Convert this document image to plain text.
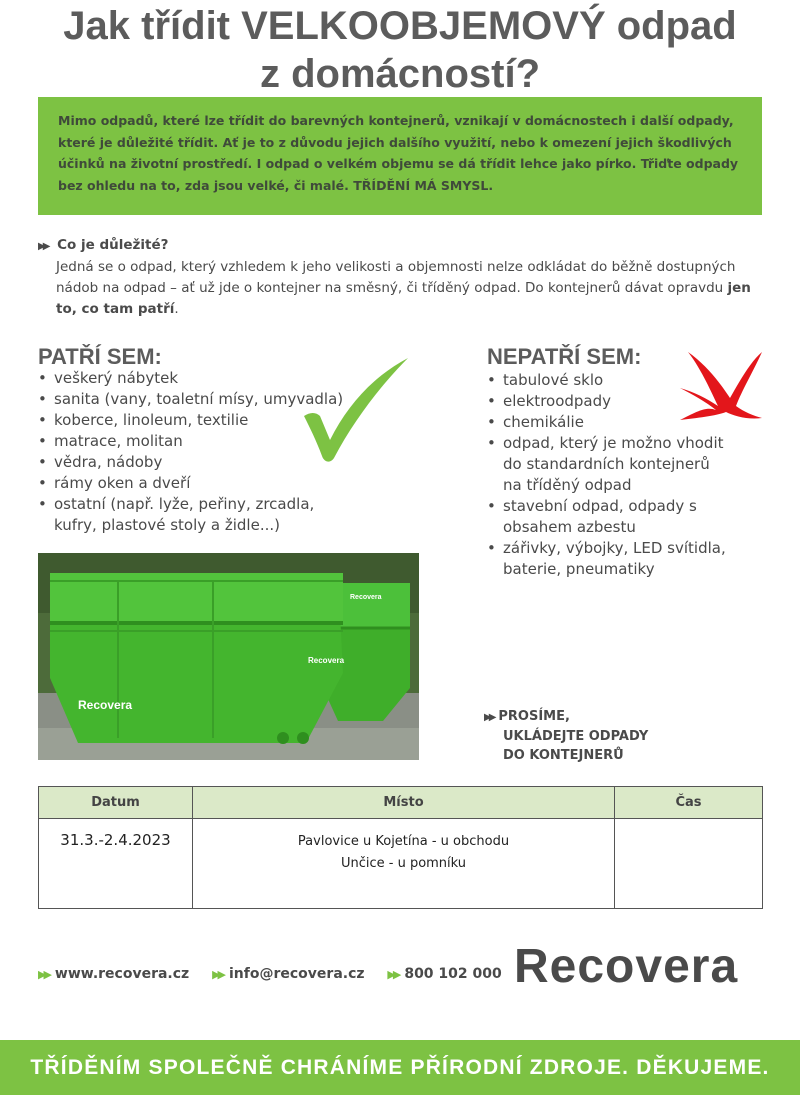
Jak třídit VELKOOBJEMOVÝ odpad
z domácností?
Mimo odpadů, které lze třídit do barevných kontejnerů, vznikají v domácnostech i další odpady, které je důležité třídit. Ať je to z důvodu jejich dalšího využití, nebo k omezení jejich škodlivých účinků na životní prostředí. I odpad o velkém objemu se dá třídit lehce jako pírko. Třiďte odpady bez ohledu na to, zda jsou velké, či malé. TŘÍDĚNÍ MÁ SMYSL.
▶▶ Co je důležité?
Jedná se o odpad, který vzhledem k jeho velikosti a objemnosti nelze odkládat do běžně dostupných nádob na odpad – ať už jde o kontejner na směsný, či tříděný odpad. Do kontejnerů dávat opravdu jen to, co tam patří.
PATŘÍ SEM:
• veškerý nábytek
• sanita (vany, toaletní mísy, umyvadla)
• koberce, linoleum, textilie
• matrace, molitan
• vědra, nádoby
• rámy oken a dveří
• ostatní (např. lyže, peřiny, zrcadla, kufry, plastové stoly a židle...)
NEPATŘÍ SEM:
• tabulové sklo
• elektroodpady
• chemikálie
• odpad, který je možno vhodit do standardních kontejnerů na tříděný odpad
• stavební odpad, odpady s obsahem azbestu
• zářivky, výbojky, LED svítidla, baterie, pneumatiky
Recovera
Recovera
Recovera
▶▶ PROSÍME,
UKLÁDEJTE ODPADY
DO KONTEJNERŮ
Datum	Místo	Čas
31.3.-2.4.2023	Pavlovice u Kojetína - u obchodu
Unčice - u pomníku	

▶▶ www.recovera.cz ▶▶ info@recovera.cz ▶▶ 800 102 000 Recovera
TŘÍDĚNÍM SPOLEČNĚ CHRÁNÍME PŘÍRODNÍ ZDROJE. DĚKUJEME.
